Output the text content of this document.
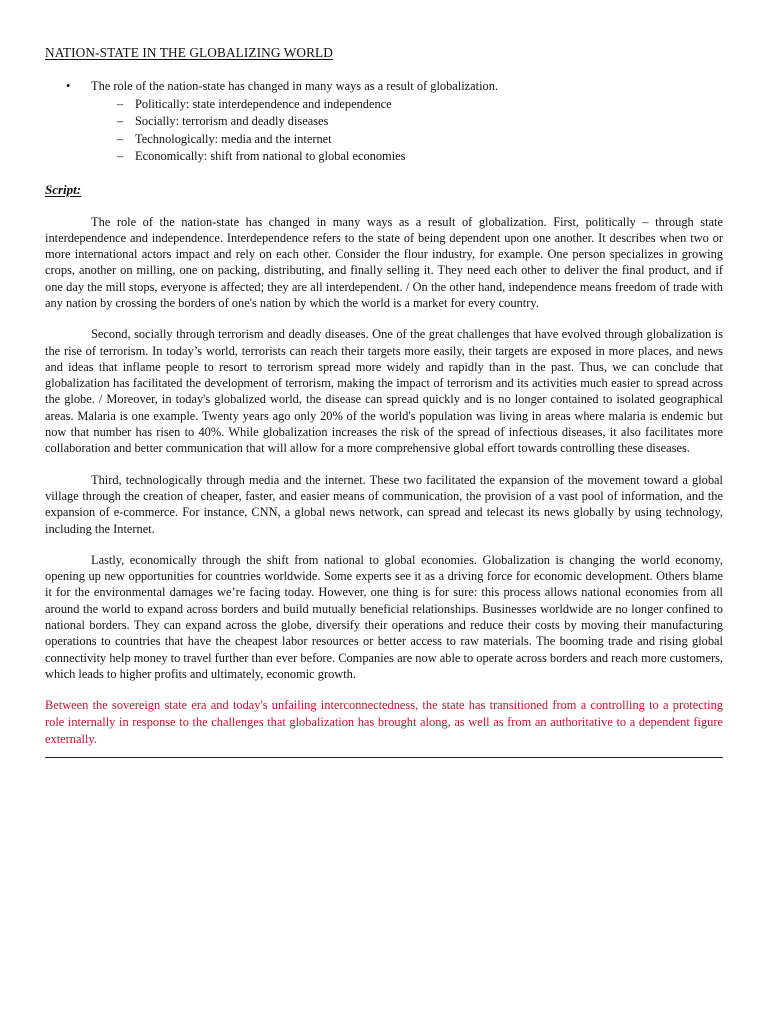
NATION-STATE IN THE GLOBALIZING WORLD
•	The role of the nation-state has changed in many ways as a result of globalization.
– Politically: state interdependence and independence
– Socially: terrorism and deadly diseases
– Technologically: media and the internet
– Economically: shift from national to global economies
Script:

The role of the nation-state has changed in many ways as a result of globalization. First, politically – through state interdependence and independence. Interdependence refers to the state of being dependent upon one another. It describes when two or more international actors impact and rely on each other. Consider the flour industry, for example. One person specializes in growing crops, another on milling, one on packing, distributing, and finally selling it. They need each other to deliver the final product, and if one day the mill stops, everyone is affected; they are all interdependent. / On the other hand, independence means freedom of trade with any nation by crossing the borders of one's nation by which the world is a market for every country.

Second, socially through terrorism and deadly diseases. One of the great challenges that have evolved through globalization is the rise of terrorism. In today’s world, terrorists can reach their targets more easily, their targets are exposed in more places, and news and ideas that inflame people to resort to terrorism spread more widely and rapidly than in the past. Thus, we can conclude that globalization has facilitated the development of terrorism, making the impact of terrorism and its activities much easier to spread across the globe. / Moreover, in today's globalized world, the disease can spread quickly and is no longer contained to isolated geographical areas. Malaria is one example. Twenty years ago only 20% of the world's population was living in areas where malaria is endemic but now that number has risen to 40%. While globalization increases the risk of the spread of infectious diseases, it also facilitates more collaboration and better communication that will allow for a more comprehensive global effort towards controlling these diseases.

Third, technologically through media and the internet. These two facilitated the expansion of the movement toward a global village through the creation of cheaper, faster, and easier means of communication, the provision of a vast pool of information, and the expansion of e-commerce. For instance, CNN, a global news network, can spread and telecast its news globally by using technology, including the Internet.

Lastly, economically through the shift from national to global economies. Globalization is changing the world economy, opening up new opportunities for countries worldwide. Some experts see it as a driving force for economic development. Others blame it for the environmental damages we’re facing today. However, one thing is for sure: this process allows national economies from all around the world to expand across borders and build mutually beneficial relationships. Businesses worldwide are no longer confined to national borders. They can expand across the globe, diversify their operations and reduce their costs by moving their manufacturing operations to countries that have the cheapest labor resources or better access to raw materials. The booming trade and rising global connectivity help money to travel further than ever before. Companies are now able to operate across borders and reach more customers, which leads to higher profits and ultimately, economic growth.

Between the sovereign state era and today's unfailing interconnectedness, the state has transitioned from a controlling to a protecting role internally in response to the challenges that globalization has brought along, as well as from an authoritative to a dependent figure externally.
